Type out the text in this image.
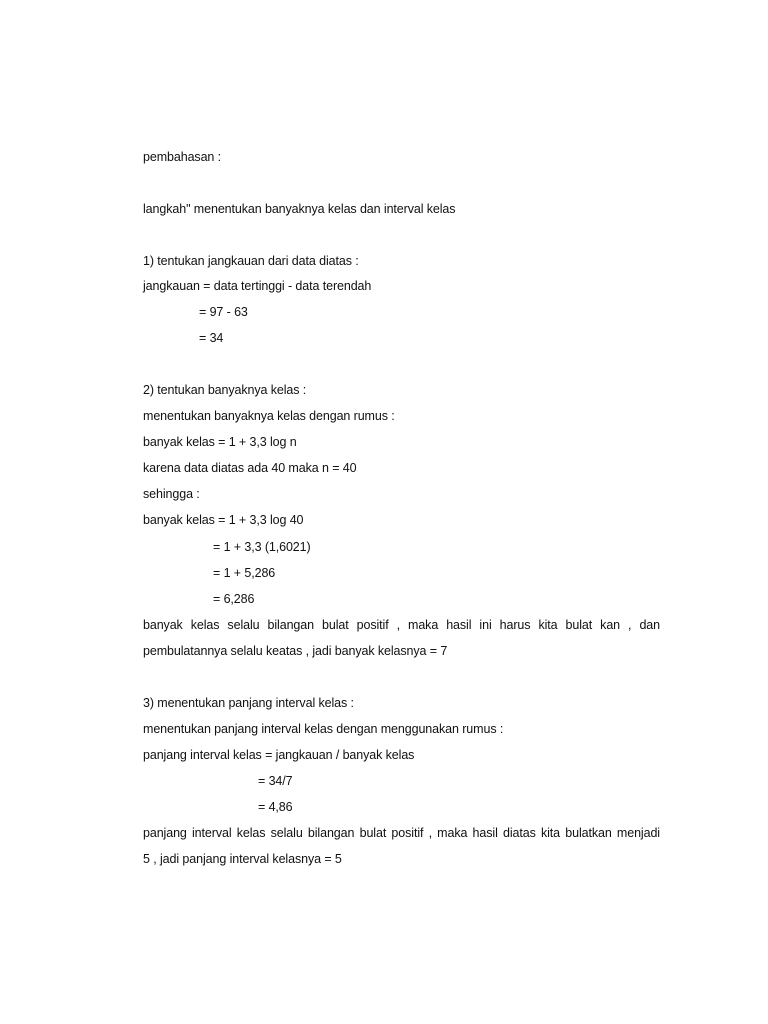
pembahasan :
langkah" menentukan banyaknya kelas dan interval kelas
1) tentukan jangkauan dari data diatas :
jangkauan = data tertinggi - data terendah
= 97 - 63
= 34
2) tentukan banyaknya kelas :
menentukan banyaknya kelas dengan rumus :
banyak kelas = 1 + 3,3 log n
karena data diatas ada 40 maka n = 40
sehingga :
banyak kelas = 1 + 3,3 log 40
= 1 + 3,3 (1,6021)
= 1 + 5,286
= 6,286
banyak kelas selalu bilangan bulat positif , maka hasil ini harus kita bulat kan , dan
pembulatannya selalu keatas , jadi banyak kelasnya = 7
3) menentukan panjang interval kelas :
menentukan panjang interval kelas dengan menggunakan rumus :
panjang interval kelas = jangkauan / banyak kelas
= 34/7
= 4,86
panjang interval kelas selalu bilangan bulat positif , maka hasil diatas kita bulatkan menjadi
5 , jadi panjang interval kelasnya = 5
